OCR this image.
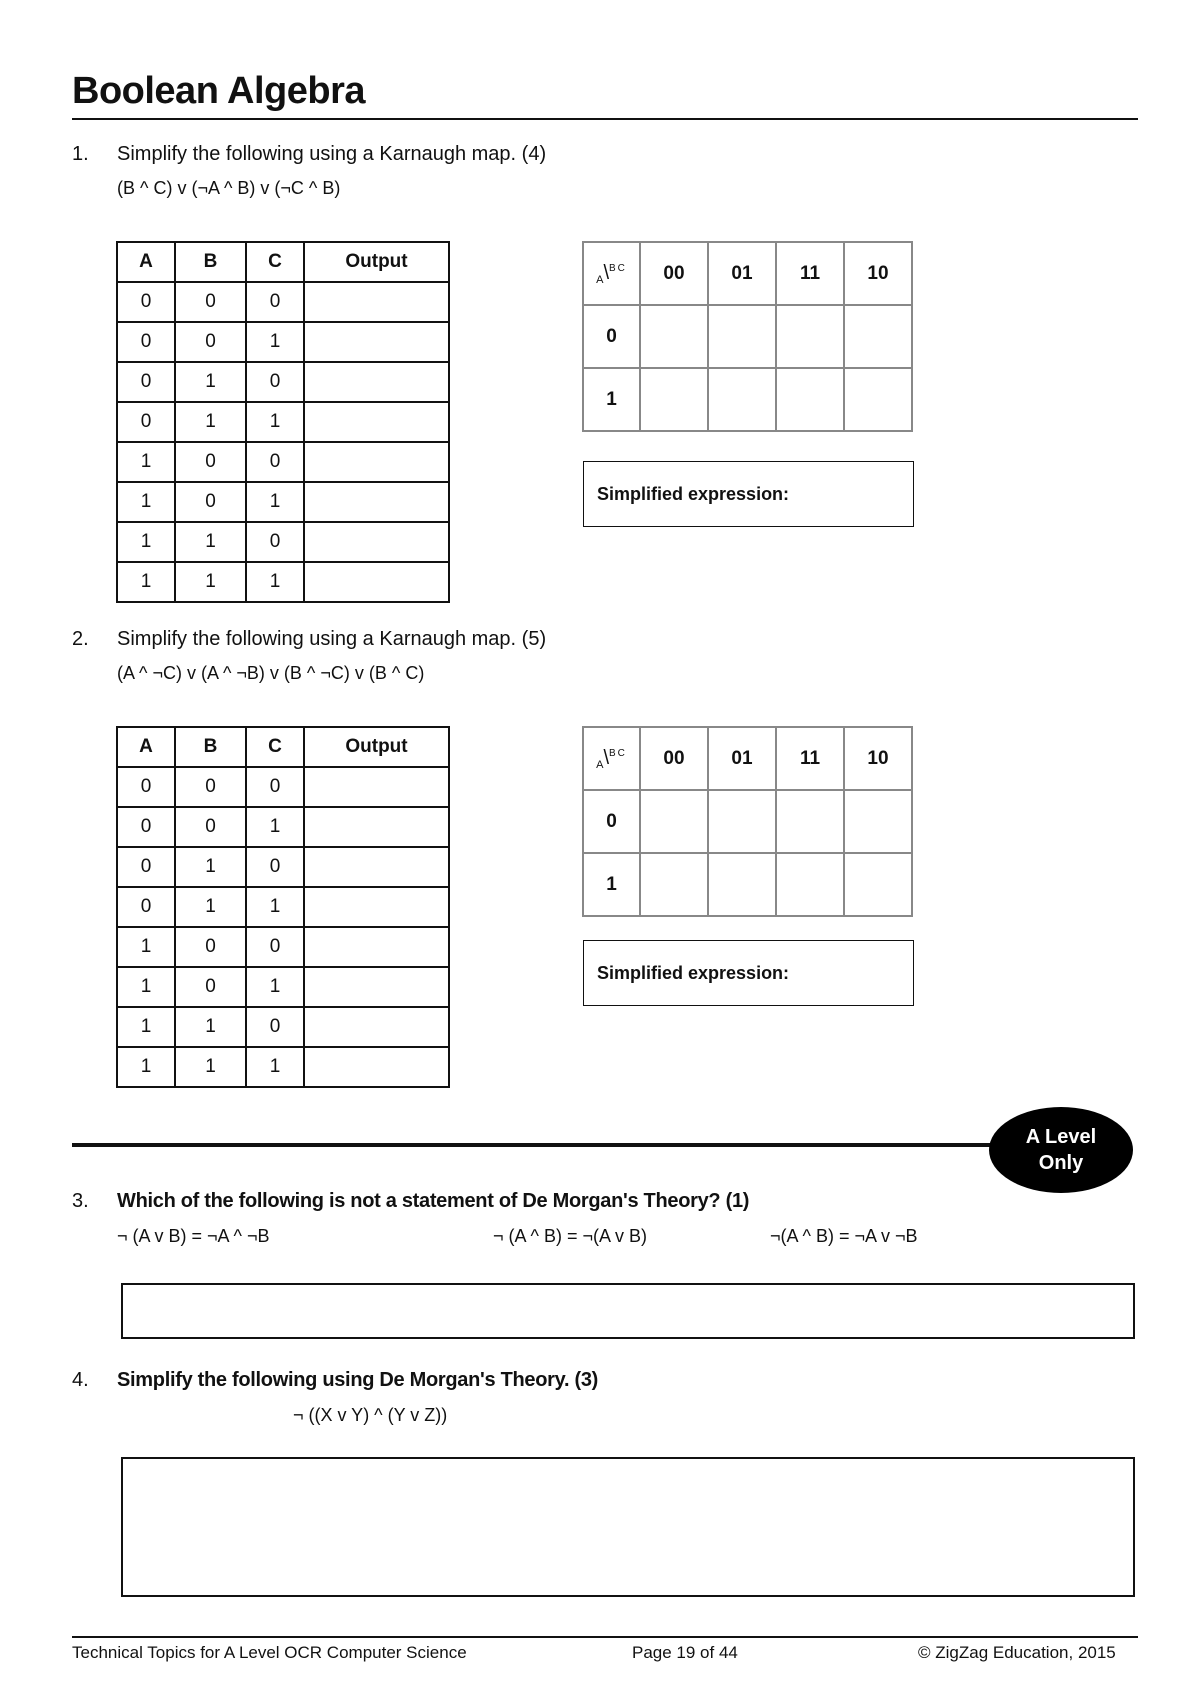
Boolean Algebra
1. Simplify the following using a Karnaugh map. (4)
(B ^ C) v (¬A ^ B) v (¬C ^ B)
A	B	C	Output
0	0	0	
0	0	1	
0	1	0	
0	1	1	
1	0	0	
1	0	1	
1	1	0	
1	1	1	
$_A$\$^{BC}$	00	01	11	10
0				
1				
Simplified expression:
2. Simplify the following using a Karnaugh map. (5)
(A ^ ¬C) v (A ^ ¬B) v (B ^ ¬C) v (B ^ C)
A	B	C	Output
0	0	0	
0	0	1	
0	1	0	
0	1	1	
1	0	0	
1	0	1	
1	1	0	
1	1	1	
$_A$\$^{BC}$	00	01	11	10
0				
1				
Simplified expression:
A Level
Only
3. Which of the following is not a statement of De Morgan's Theory? (1)
¬ (A v B) = ¬A ^ ¬B	¬ (A ^ B) = ¬(A v B)	¬(A ^ B) = ¬A v ¬B
4. Simplify the following using De Morgan's Theory. (3)
¬ ((X v Y) ^ (Y v Z))
Technical Topics for A Level OCR Computer Science	Page 19 of 44	© ZigZag Education, 2015
